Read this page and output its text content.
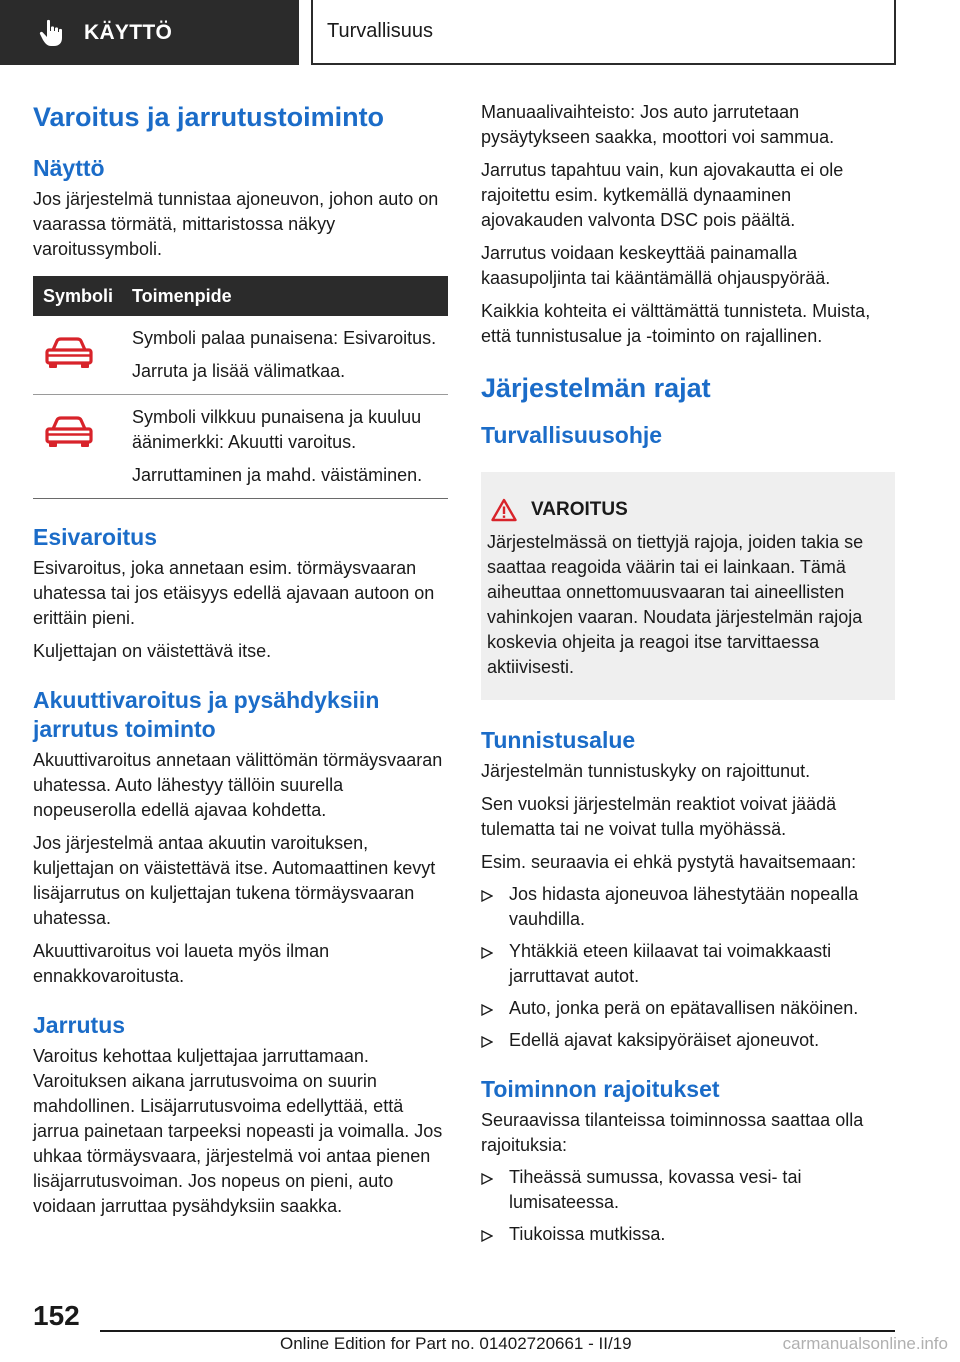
KÄYTTÖ	Turvallisuus
Varoitus ja jarrutustoiminto
Näyttö
Jos järjestelmä tunnistaa ajoneuvon, johon auto on vaarassa törmätä, mittaristossa näkyy varoitussymboli.
Symboli	Toimenpide

Symboli palaa punaisena: Esivaroitus.
Jarruta ja lisää välimatkaa.

Symboli vilkkuu punaisena ja kuuluu äänimerkki: Akuutti varoitus.
Jarruttaminen ja mahd. väistäminen.
Esivaroitus
Esivaroitus, joka annetaan esim. törmäysvaaran uhatessa tai jos etäisyys edellä ajavaan autoon on erittäin pieni.
Kuljettajan on väistettävä itse.
Akuuttivaroitus ja pysähdyksiin jarrutus toiminto
Akuuttivaroitus annetaan välittömän törmäysvaaran uhatessa. Auto lähestyy tällöin suurella nopeuserolla edellä ajavaa kohdetta.
Jos järjestelmä antaa akuutin varoituksen, kuljettajan on väistettävä itse. Automaattinen kevyt lisäjarrutus on kuljettajan tukena törmäysvaaran uhatessa.
Akuuttivaroitus voi laueta myös ilman ennakkovaroitusta.
Jarrutus
Varoitus kehottaa kuljettajaa jarruttamaan. Varoituksen aikana jarrutusvoima on suurin mahdollinen. Lisäjarrutusvoima edellyttää, että jarrua painetaan tarpeeksi nopeasti ja voimalla. Jos uhkaa törmäysvaara, järjestelmä voi antaa pienen lisäjarrutusvoiman. Jos nopeus on pieni, auto voidaan jarruttaa pysähdyksiin saakka.
Manuaalivaihteisto: Jos auto jarrutetaan pysäytykseen saakka, moottori voi sammua.
Jarrutus tapahtuu vain, kun ajovakautta ei ole rajoitettu esim. kytkemällä dynaaminen ajovakauden valvonta DSC pois päältä.
Jarrutus voidaan keskeyttää painamalla kaasupoljinta tai kääntämällä ohjauspyörää.
Kaikkia kohteita ei välttämättä tunnisteta. Muista, että tunnistusalue ja -toiminto on rajallinen.
Järjestelmän rajat
Turvallisuusohje
VAROITUS
Järjestelmässä on tiettyjä rajoja, joiden takia se saattaa reagoida väärin tai ei lainkaan. Tämä aiheuttaa onnettomuusvaaran tai aineellisten vahinkojen vaaran. Noudata järjestelmän rajoja koskevia ohjeita ja reagoi itse tarvittaessa aktiivisesti.
Tunnistusalue
Järjestelmän tunnistuskyky on rajoittunut.
Sen vuoksi järjestelmän reaktiot voivat jäädä tulematta tai ne voivat tulla myöhässä.
Esim. seuraavia ei ehkä pystytä havaitsemaan:
Jos hidasta ajoneuvoa lähestytään nopealla vauhdilla.
Yhtäkkiä eteen kiilaavat tai voimakkaasti jarruttavat autot.
Auto, jonka perä on epätavallisen näköinen.
Edellä ajavat kaksipyöräiset ajoneuvot.
Toiminnon rajoitukset
Seuraavissa tilanteissa toiminnossa saattaa olla rajoituksia:
Tiheässä sumussa, kovassa vesi- tai lumisateessa.
Tiukoissa mutkissa.
152
Online Edition for Part no. 01402720661 - II/19	carmanualsonline.info
